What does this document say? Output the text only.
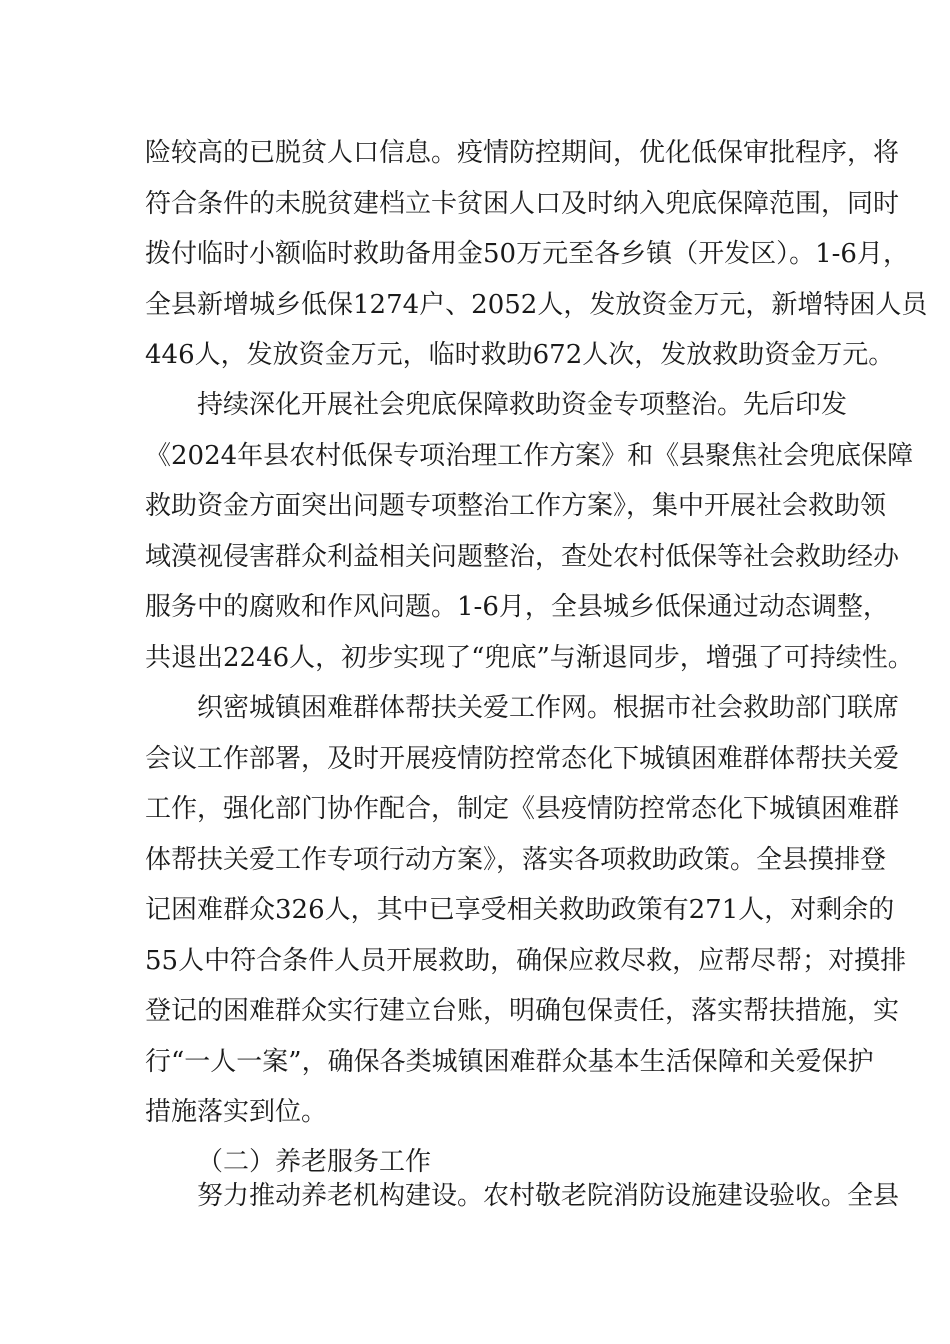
险较高的已脱贫人口信息。疫情防控期间，优化低保审批程序，将
符合条件的未脱贫建档立卡贫困人口及时纳入兜底保障范围，同时
拨付临时小额临时救助备用金50万元至各乡镇（开发区）。1-6月，
全县新增城乡低保1274户、2052人，发放资金万元，新增特困人员
446人，发放资金万元，临时救助672人次，发放救助资金万元。
持续深化开展社会兜底保障救助资金专项整治。先后印发
《2024年县农村低保专项治理工作方案》和《县聚焦社会兜底保障
救助资金方面突出问题专项整治工作方案》，集中开展社会救助领
域漠视侵害群众利益相关问题整治，查处农村低保等社会救助经办
服务中的腐败和作风问题。1-6月，全县城乡低保通过动态调整，
共退出2246人，初步实现了“兜底”与渐退同步，增强了可持续性。
织密城镇困难群体帮扶关爱工作网。根据市社会救助部门联席
会议工作部署，及时开展疫情防控常态化下城镇困难群体帮扶关爱
工作，强化部门协作配合，制定《县疫情防控常态化下城镇困难群
体帮扶关爱工作专项行动方案》，落实各项救助政策。全县摸排登
记困难群众326人，其中已享受相关救助政策有271人，对剩余的
55人中符合条件人员开展救助，确保应救尽救，应帮尽帮；对摸排
登记的困难群众实行建立台账，明确包保责任，落实帮扶措施，实
行“一人一案”，确保各类城镇困难群众基本生活保障和关爱保护
措施落实到位。
（二）养老服务工作
努力推动养老机构建设。农村敬老院消防设施建设验收。全县
